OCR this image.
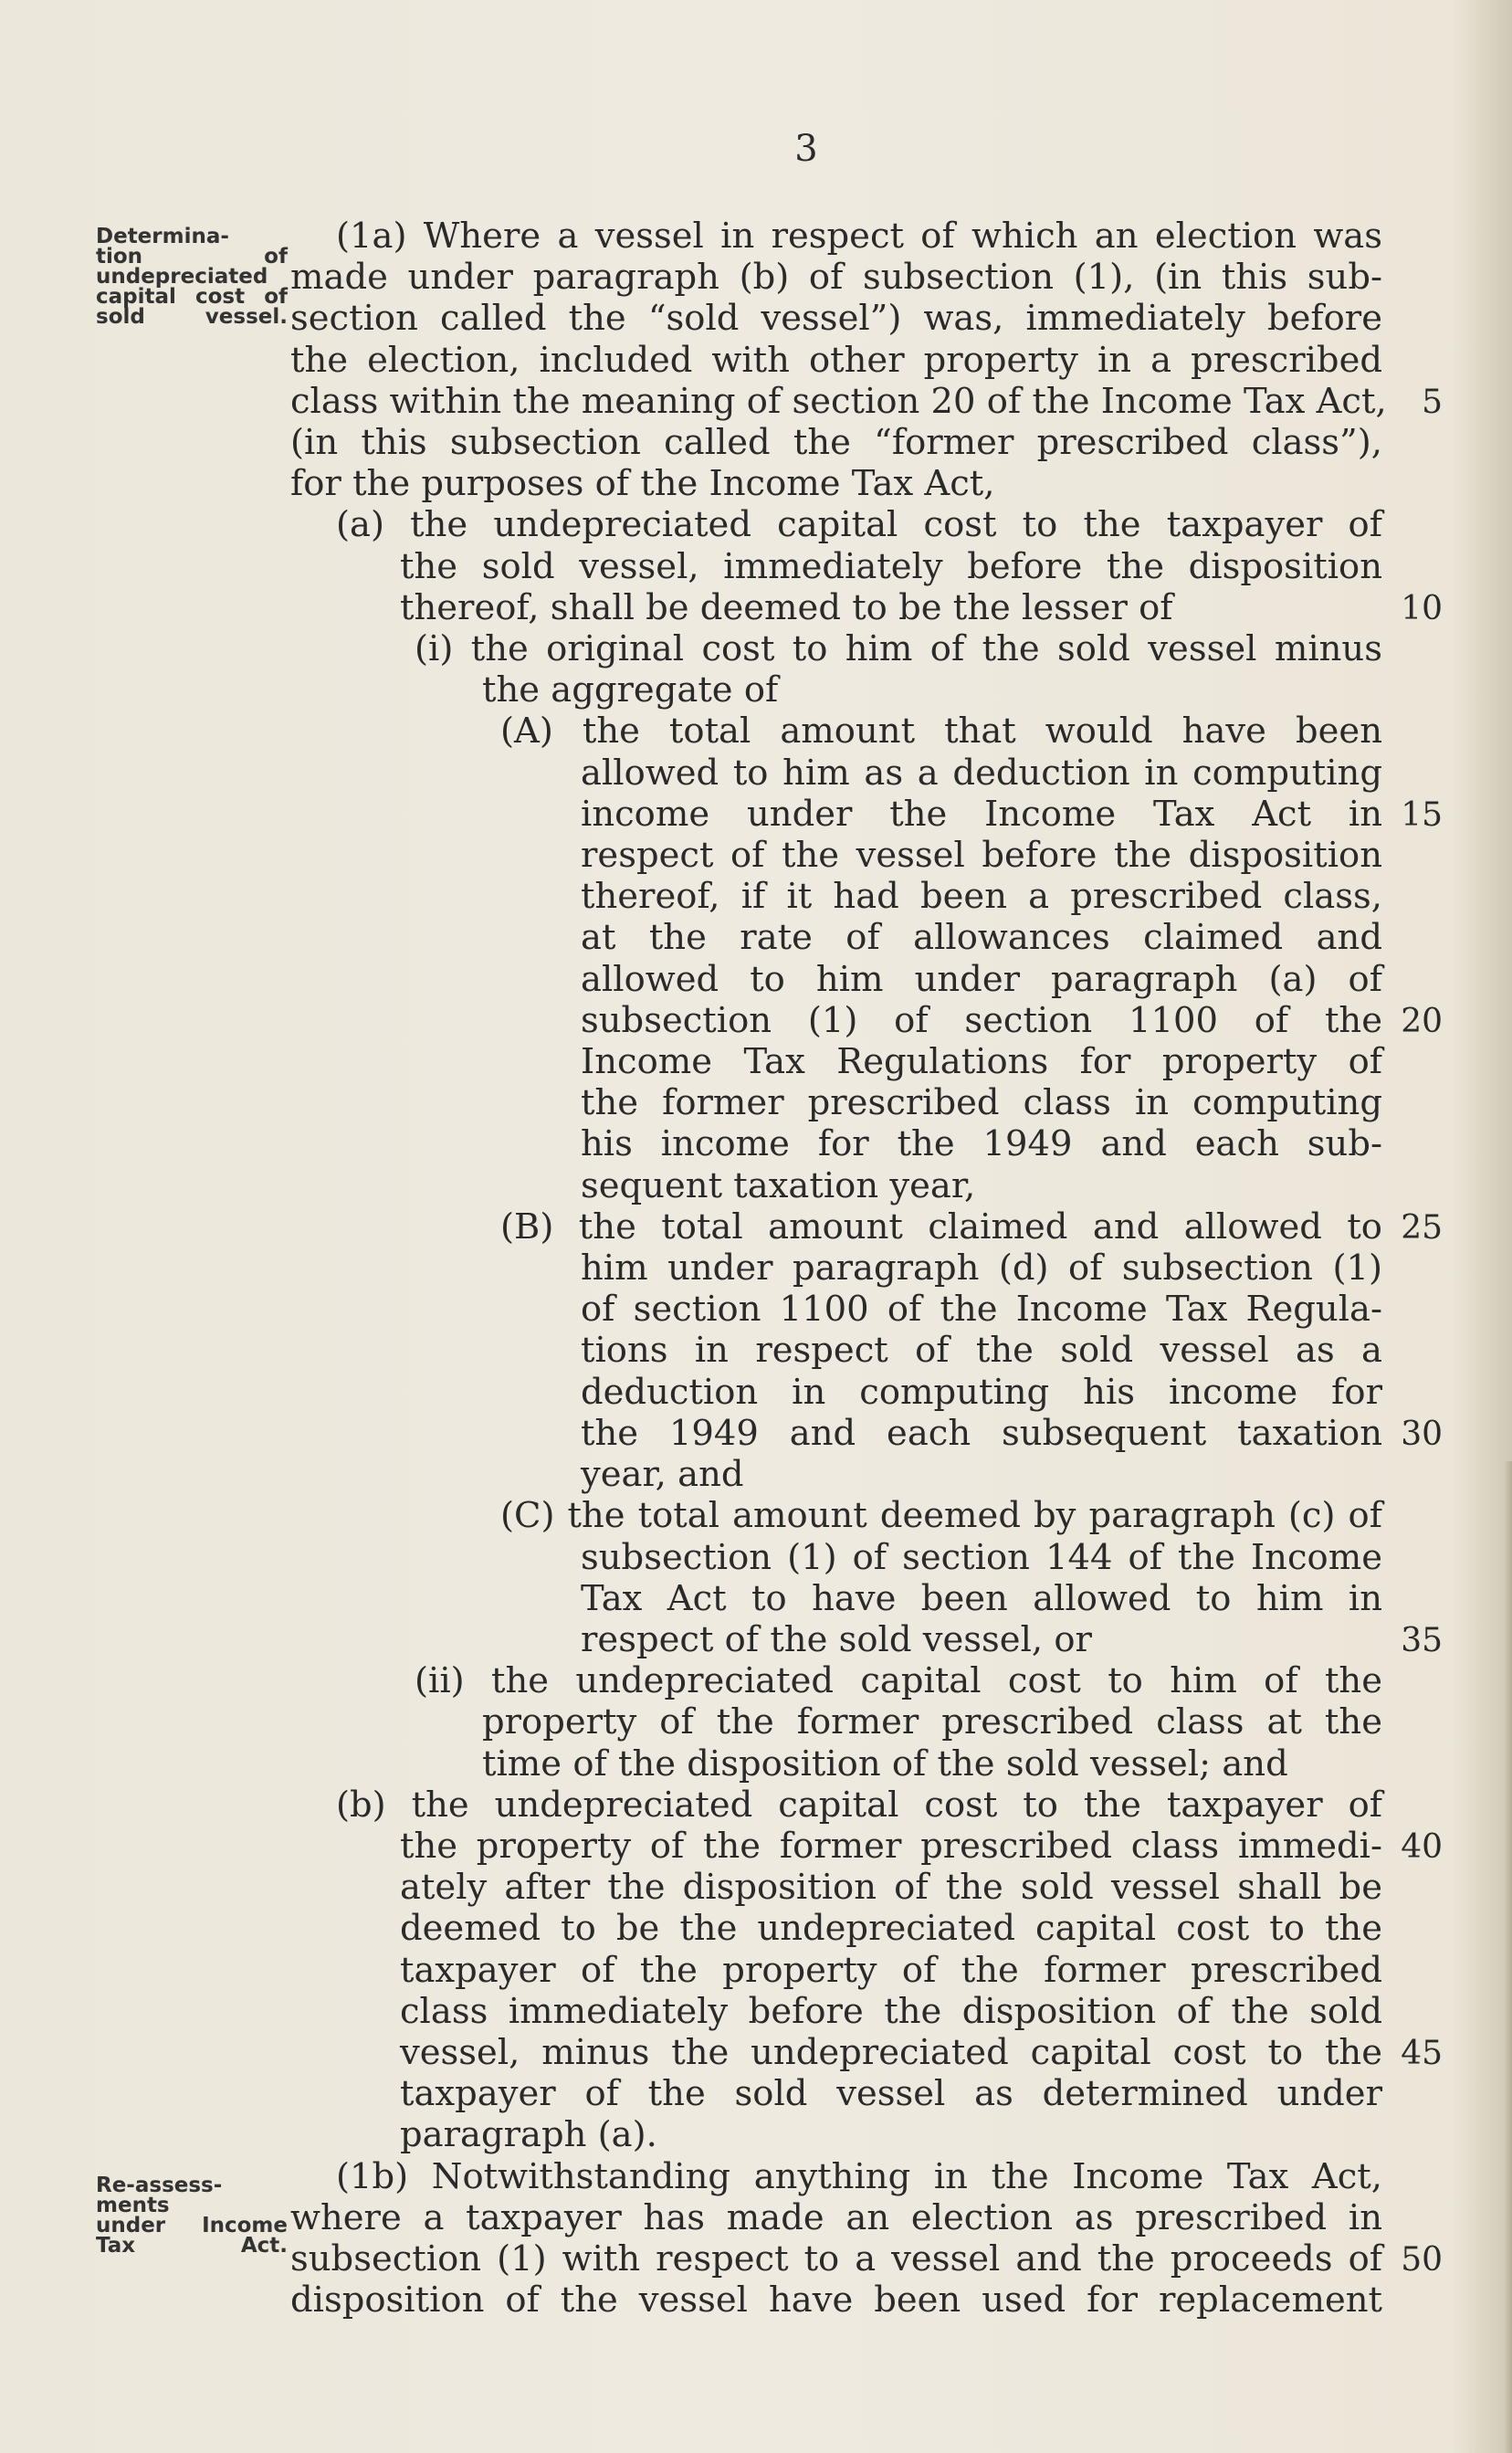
3
Determina-
tion of
undepreciated
capital cost of
sold vessel.
Re-assess-
ments
under Income
Tax Act.
(1a) Where a vessel in respect of which an election was
made under paragraph (b) of subsection (1), (in this sub-
section called the “sold vessel”) was, immediately before
the election, included with other property in a prescribed
class within the meaning of section 20 of the Income Tax Act,
(in this subsection called the “former prescribed class”),
for the purposes of the Income Tax Act,
(a) the undepreciated capital cost to the taxpayer of
the sold vessel, immediately before the disposition
thereof, shall be deemed to be the lesser of
(i) the original cost to him of the sold vessel minus
the aggregate of
(A) the total amount that would have been
allowed to him as a deduction in computing
income under the Income Tax Act in
respect of the vessel before the disposition
thereof, if it had been a prescribed class,
at the rate of allowances claimed and
allowed to him under paragraph (a) of
subsection (1) of section 1100 of the
Income Tax Regulations for property of
the former prescribed class in computing
his income for the 1949 and each sub-
sequent taxation year,
(B) the total amount claimed and allowed to
him under paragraph (d) of subsection (1)
of section 1100 of the Income Tax Regula-
tions in respect of the sold vessel as a
deduction in computing his income for
the 1949 and each subsequent taxation
year, and
(C) the total amount deemed by paragraph (c) of
subsection (1) of section 144 of the Income
Tax Act to have been allowed to him in
respect of the sold vessel, or
(ii) the undepreciated capital cost to him of the
property of the former prescribed class at the
time of the disposition of the sold vessel; and
(b) the undepreciated capital cost to the taxpayer of
the property of the former prescribed class immedi-
ately after the disposition of the sold vessel shall be
deemed to be the undepreciated capital cost to the
taxpayer of the property of the former prescribed
class immediately before the disposition of the sold
vessel, minus the undepreciated capital cost to the
taxpayer of the sold vessel as determined under
paragraph (a).
(1b) Notwithstanding anything in the Income Tax Act,
where a taxpayer has made an election as prescribed in
subsection (1) with respect to a vessel and the proceeds of
disposition of the vessel have been used for replacement
5
10
15
20
25
30
35
40
45
50
